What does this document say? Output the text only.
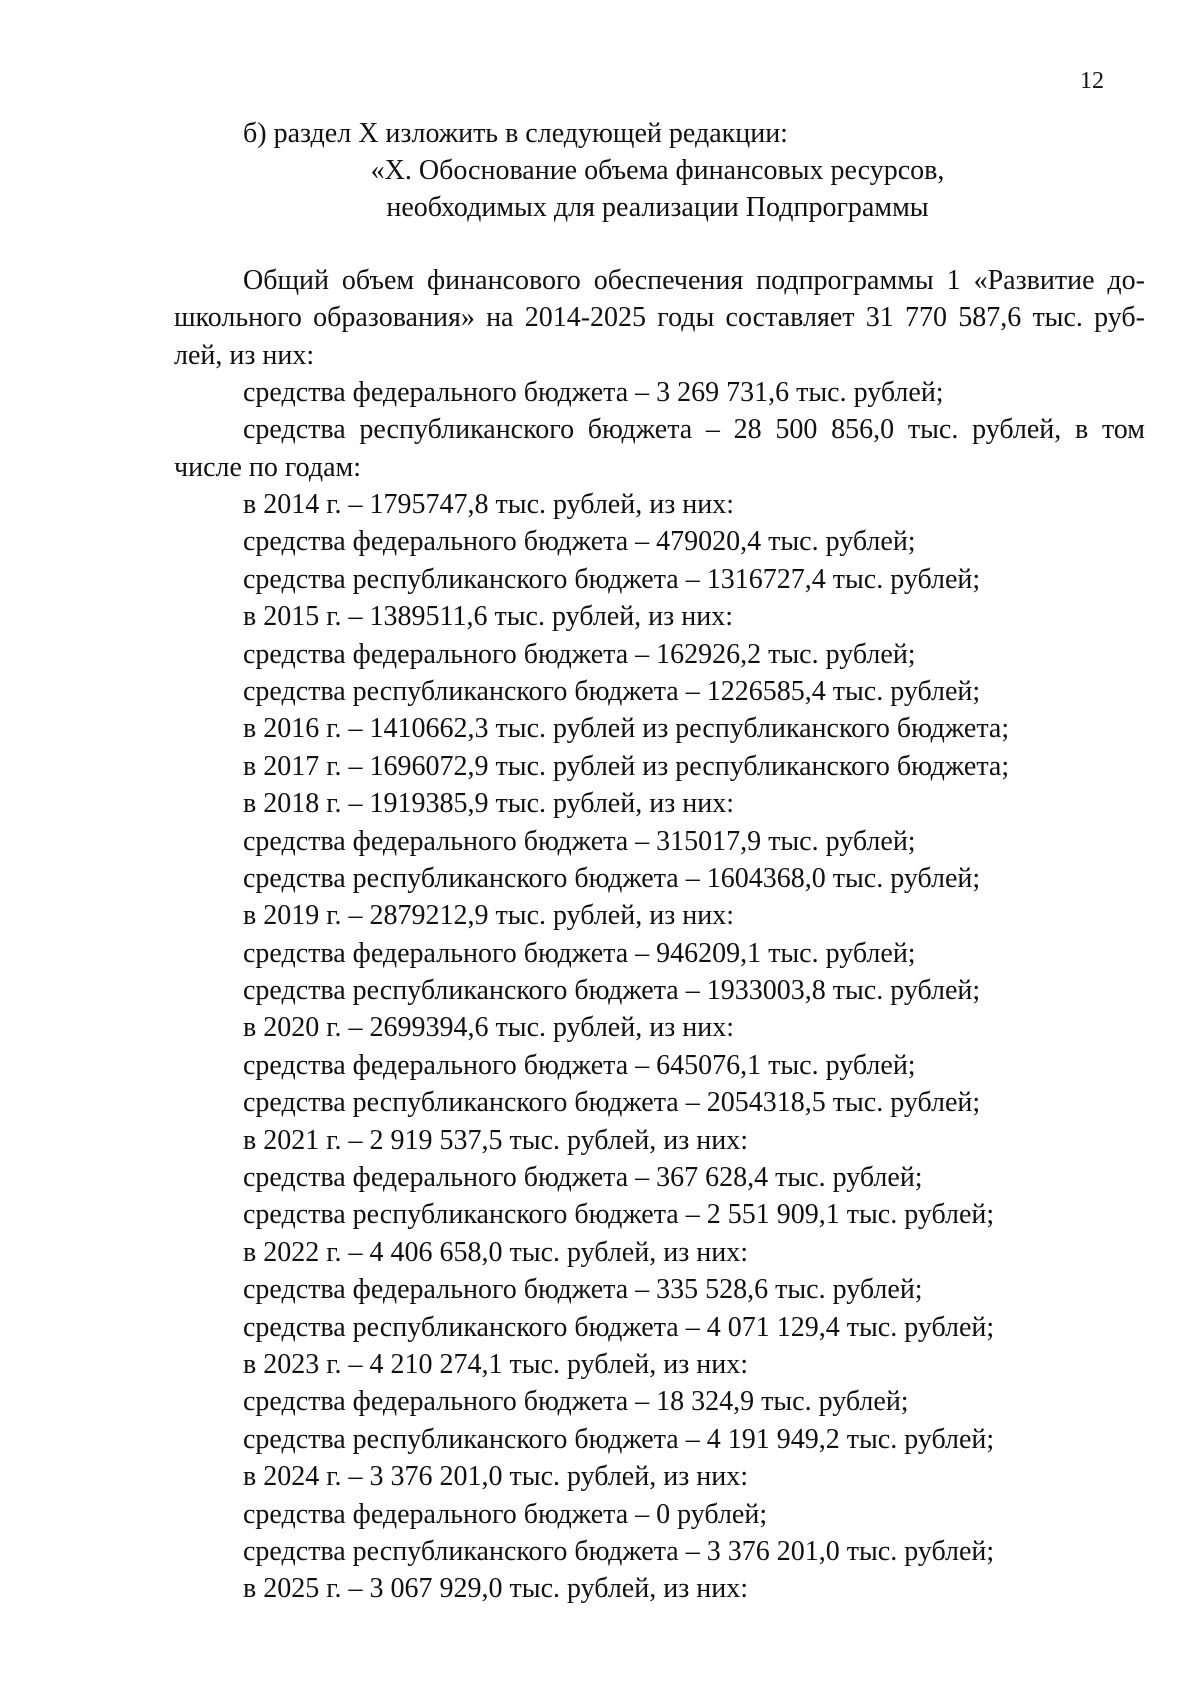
12
б) раздел X изложить в следующей редакции:
«X. Обоснование объема финансовых ресурсов,
необходимых для реализации Подпрограммы
Общий объем финансового обеспечения подпрограммы 1 «Развитие до-
школьного образования» на 2014-2025 годы составляет 31 770 587,6 тыс. руб-
лей, из них:
средства федерального бюджета – 3 269 731,6 тыс. рублей;
средства республиканского бюджета – 28 500 856,0 тыс. рублей, в том
числе по годам:
в 2014 г. – 1795747,8 тыс. рублей, из них:
средства федерального бюджета – 479020,4 тыс. рублей;
средства республиканского бюджета – 1316727,4 тыс. рублей;
в 2015 г. – 1389511,6 тыс. рублей, из них:
средства федерального бюджета – 162926,2 тыс. рублей;
средства республиканского бюджета – 1226585,4 тыс. рублей;
в 2016 г. – 1410662,3 тыс. рублей из республиканского бюджета;
в 2017 г. – 1696072,9 тыс. рублей из республиканского бюджета;
в 2018 г. – 1919385,9 тыс. рублей, из них:
средства федерального бюджета – 315017,9 тыс. рублей;
средства республиканского бюджета – 1604368,0 тыс. рублей;
в 2019 г. – 2879212,9 тыс. рублей, из них:
средства федерального бюджета – 946209,1 тыс. рублей;
средства республиканского бюджета – 1933003,8 тыс. рублей;
в 2020 г. – 2699394,6 тыс. рублей, из них:
средства федерального бюджета – 645076,1 тыс. рублей;
средства республиканского бюджета – 2054318,5 тыс. рублей;
в 2021 г. – 2 919 537,5 тыс. рублей, из них:
средства федерального бюджета – 367 628,4 тыс. рублей;
средства республиканского бюджета – 2 551 909,1 тыс. рублей;
в 2022 г. – 4 406 658,0 тыс. рублей, из них:
средства федерального бюджета – 335 528,6 тыс. рублей;
средства республиканского бюджета – 4 071 129,4 тыс. рублей;
в 2023 г. – 4 210 274,1 тыс. рублей, из них:
средства федерального бюджета – 18 324,9 тыс. рублей;
средства республиканского бюджета – 4 191 949,2 тыс. рублей;
в 2024 г. – 3 376 201,0 тыс. рублей, из них:
средства федерального бюджета – 0 рублей;
средства республиканского бюджета – 3 376 201,0 тыс. рублей;
в 2025 г. – 3 067 929,0 тыс. рублей, из них:
